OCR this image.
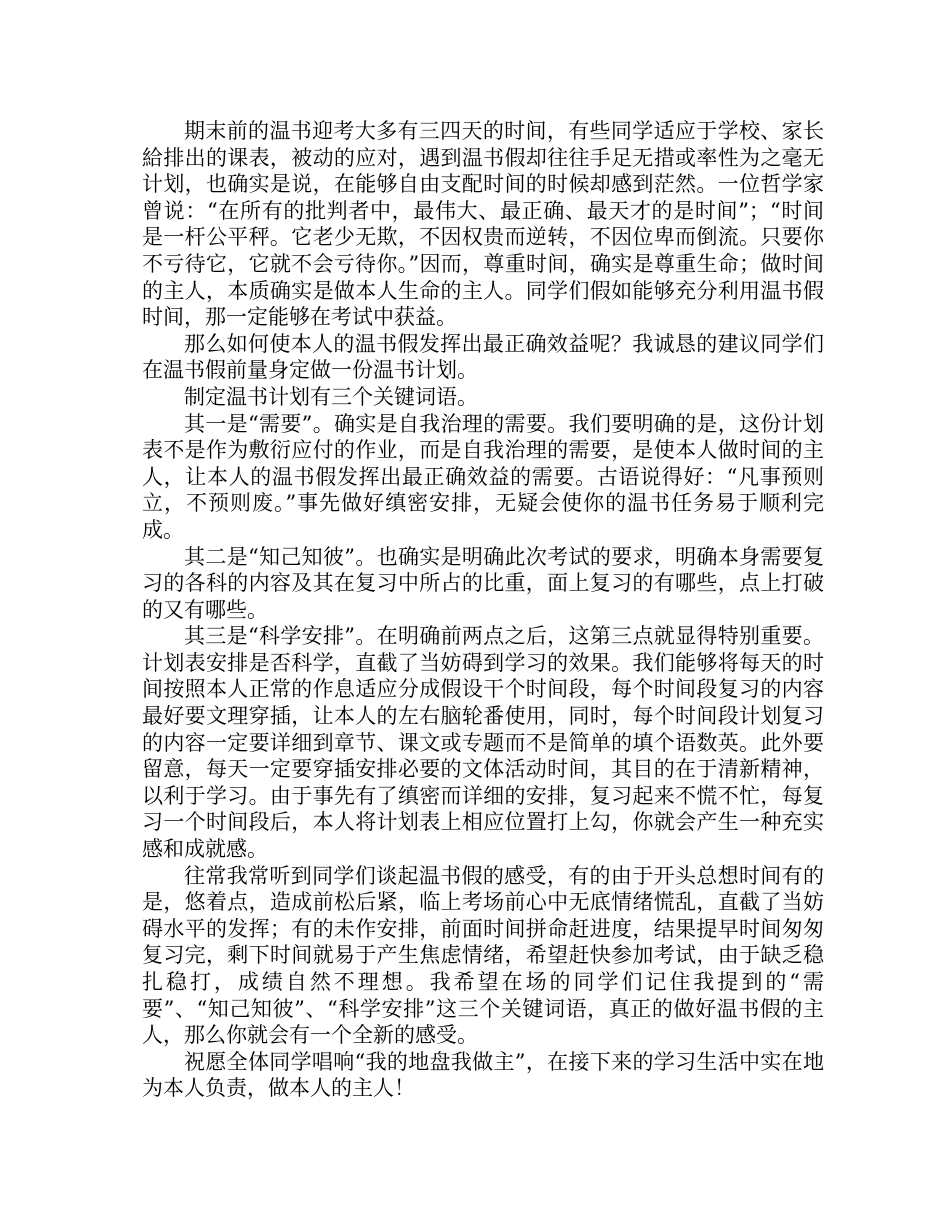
期末前的温书迎考大多有三四天的时间，有些同学适应于学校、家长給排出的课表，被动的应对，遇到温书假却往往手足无措或率性为之毫无计划，也确实是说，在能够自由支配时间的时候却感到茫然。一位哲学家曾说：“在所有的批判者中，最伟大、最正确、最天才的是时间”；“时间是一杆公平秤。它老少无欺，不因权贵而逆转，不因位卑而倒流。只要你不亏待它，它就不会亏待你。”因而，尊重时间，确实是尊重生命；做时间的主人，本质确实是做本人生命的主人。同学们假如能够充分利用温书假时间，那一定能够在考试中获益。

那么如何使本人的温书假发挥出最正确效益呢？我诚恳的建议同学们在温书假前量身定做一份温书计划。

制定温书计划有三个关键词语。

其一是“需要”。确实是自我治理的需要。我们要明确的是，这份计划表不是作为敷衍应付的作业，而是自我治理的需要，是使本人做时间的主人，让本人的温书假发挥出最正确效益的需要。古语说得好：“凡事预则立，不预则废。”事先做好缜密安排，无疑会使你的温书任务易于顺利完成。

其二是“知己知彼”。也确实是明确此次考试的要求，明确本身需要复习的各科的内容及其在复习中所占的比重，面上复习的有哪些，点上打破的又有哪些。

其三是“科学安排”。在明确前两点之后，这第三点就显得特别重要。计划表安排是否科学，直截了当妨碍到学习的效果。我们能够将每天的时间按照本人正常的作息适应分成假设干个时间段，每个时间段复习的内容最好要文理穿插，让本人的左右脑轮番使用，同时，每个时间段计划复习的内容一定要详细到章节、课文或专题而不是简单的填个语数英。此外要留意，每天一定要穿插安排必要的文体活动时间，其目的在于清新精神，以利于学习。由于事先有了缜密而详细的安排，复习起来不慌不忙，每复习一个时间段后，本人将计划表上相应位置打上勾，你就会产生一种充实感和成就感。

往常我常听到同学们谈起温书假的感受，有的由于开头总想时间有的是，悠着点，造成前松后紧，临上考场前心中无底情绪慌乱，直截了当妨碍水平的发挥；有的未作安排，前面时间拼命赶进度，结果提早时间匆匆复习完，剩下时间就易于产生焦虑情绪，希望赶快参加考试，由于缺乏稳扎稳打，成绩自然不理想。我希望在场的同学们记住我提到的“需要”、“知己知彼”、“科学安排”这三个关键词语，真正的做好温书假的主人，那么你就会有一个全新的感受。

祝愿全体同学唱响“我的地盘我做主”，在接下来的学习生活中实在地为本人负责，做本人的主人！
